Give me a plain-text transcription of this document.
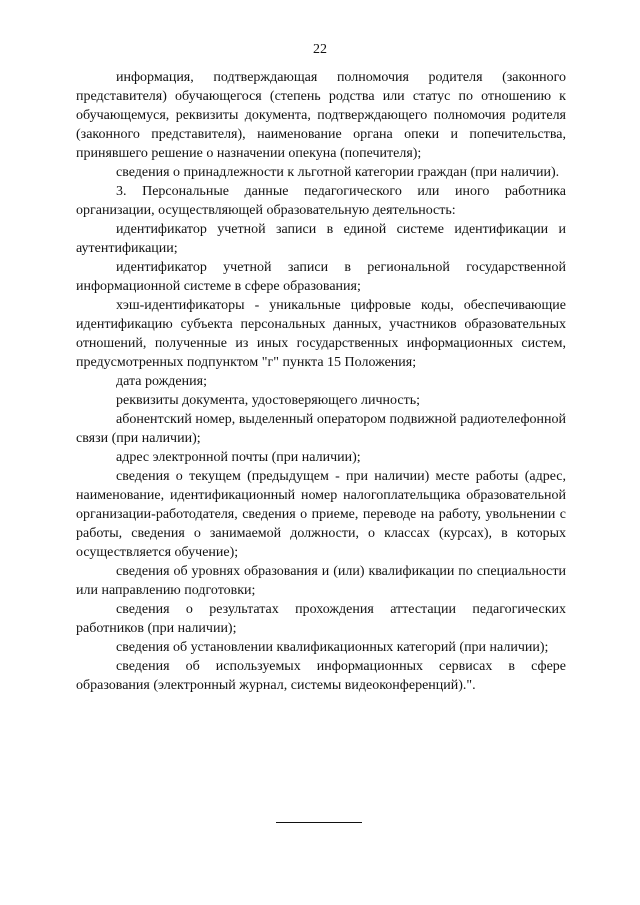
22

информация, подтверждающая полномочия родителя (законного представителя) обучающегося (степень родства или статус по отношению к обучающемуся, реквизиты документа, подтверждающего полномочия родителя (законного представителя), наименование органа опеки и попечительства, принявшего решение о назначении опекуна (попечителя);

сведения о принадлежности к льготной категории граждан (при наличии).

3. Персональные данные педагогического или иного работника организации, осуществляющей образовательную деятельность:

идентификатор учетной записи в единой системе идентификации и аутентификации;

идентификатор учетной записи в региональной государственной информационной системе в сфере образования;

хэш-идентификаторы - уникальные цифровые коды, обеспечивающие идентификацию субъекта персональных данных, участников образовательных отношений, полученные из иных государственных информационных систем, предусмотренных подпунктом "г" пункта 15 Положения;

дата рождения;

реквизиты документа, удостоверяющего личность;

абонентский номер, выделенный оператором подвижной радиотелефонной связи (при наличии);

адрес электронной почты (при наличии);

сведения о текущем (предыдущем - при наличии) месте работы (адрес, наименование, идентификационный номер налогоплательщика образовательной организации-работодателя, сведения о приеме, переводе на работу, увольнении с работы, сведения о занимаемой должности, о классах (курсах), в которых осуществляется обучение);

сведения об уровнях образования и (или) квалификации по специальности или направлению подготовки;

сведения о результатах прохождения аттестации педагогических работников (при наличии);

сведения об установлении квалификационных категорий (при наличии);

сведения об используемых информационных сервисах в сфере образования (электронный журнал, системы видеоконференций).".
